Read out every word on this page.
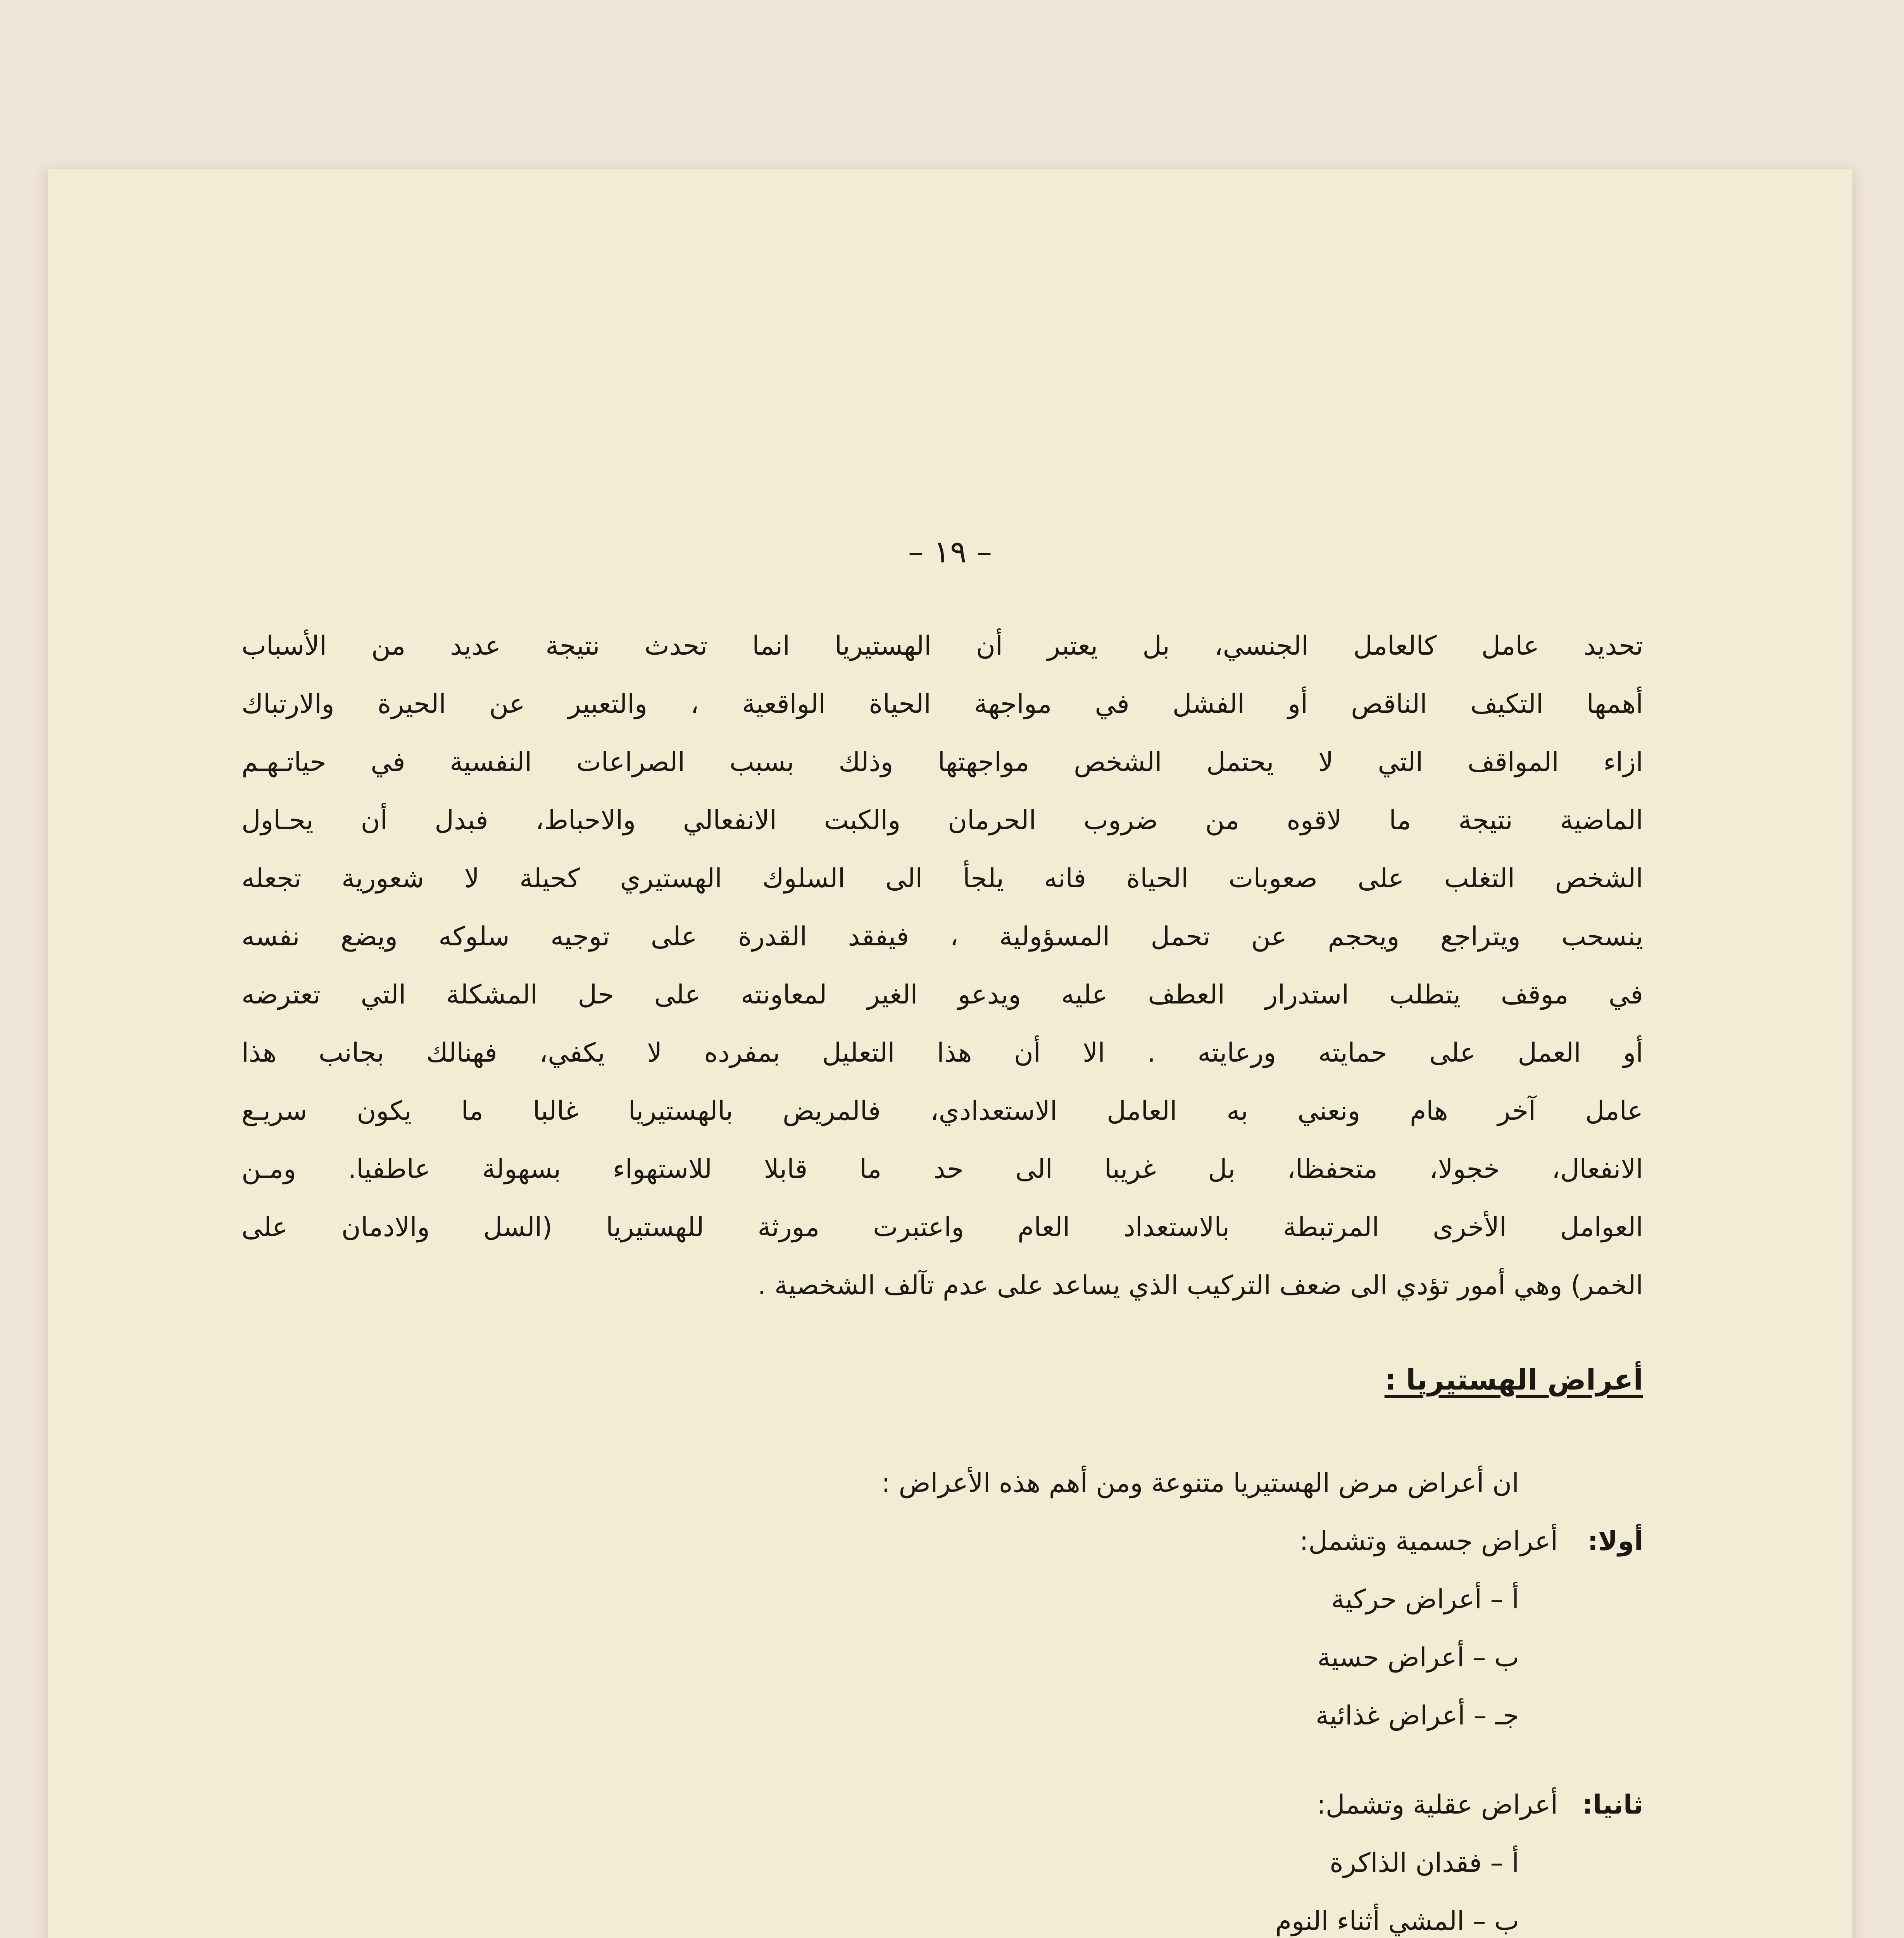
– ١٩ –
تحديد عامل كالعامل الجنسي، بل يعتبر أن الهستيريا انما تحدث نتيجة عديد من الأسباب
أهمها التكيف الناقص أو الفشل في مواجهة الحياة الواقعية ، والتعبير عن الحيرة والارتباك
ازاء المواقف التي لا يحتمل الشخص مواجهتها وذلك بسبب الصراعات النفسية في حياتـهـم
الماضية نتيجة ما لاقوه من ضروب الحرمان والكبت الانفعالي والاحباط، فبدل أن يحـاول
الشخص التغلب على صعوبات الحياة فانه يلجأ الى السلوك الهستيري كحيلة لا شعورية تجعله
ينسحب ويتراجع ويحجم عن تحمل المسؤولية ، فيفقد القدرة على توجيه سلوكه ويضع نفسه
في موقف يتطلب استدرار العطف عليه ويدعو الغير لمعاونته على حل المشكلة التي تعترضه
أو العمل على حمايته ورعايته . الا أن هذا التعليل بمفرده لا يكفي، فهنالك بجانب هذا
عامل آخر هام ونعني به العامل الاستعدادي، فالمريض بالهستيريا غالبا ما يكون سريـع
الانفعال، خجولا، متحفظا، بل غريبا الى حد ما قابلا للاستهواء بسهولة عاطفيا. ومـن
العوامل الأخرى المرتبطة بالاستعداد العام واعتبرت مورثة للهستيريا (السل والادمان على
الخمر) وهي أمور تؤدي الى ضعف التركيب الذي يساعد على عدم تآلف الشخصية .
أعراض الهستيريا :
ان أعراض مرض الهستيريا متنوعة ومن أهم هذه الأعراض :
أولا:
أعراض جسمية وتشمل:
أ – أعراض حركية
ب – أعراض حسية
جـ – أعراض غذائية
ثانيا:
أعراض عقلية وتشمل:
أ – فقدان الذاكرة
ب – المشي أثناء النوم
